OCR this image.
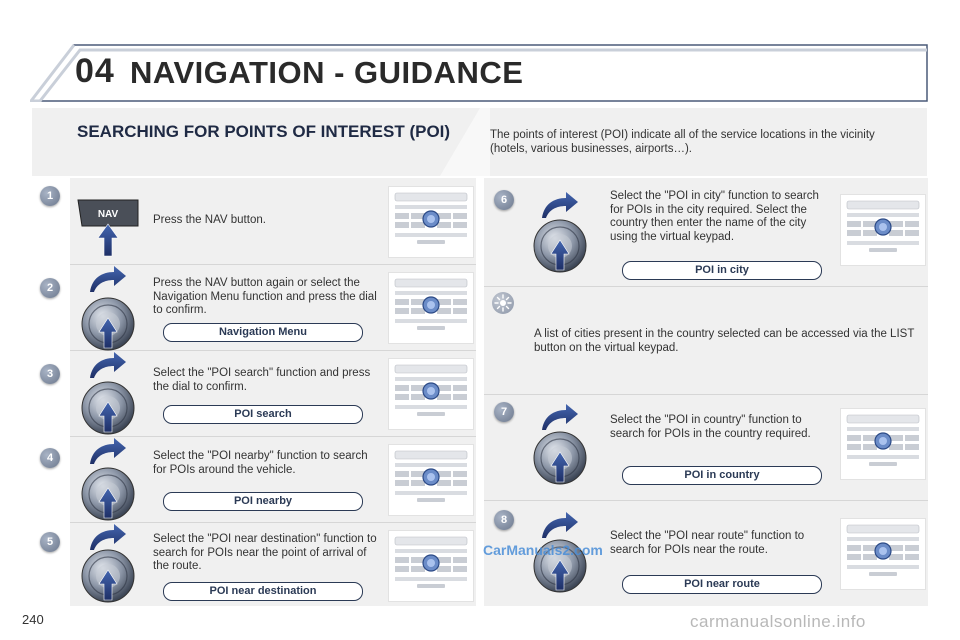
04 NAVIGATION - GUIDANCE
SEARCHING FOR POINTS OF INTEREST (POI)	The points of interest (POI) indicate all of the service locations in the vicinity (hotels, various businesses, airports…).
1
NAV	Press the NAV button.
2	Press the NAV button again or select the Navigation Menu function and press the dial to confirm.
Navigation Menu
3	Select the "POI search" function and press the dial to confirm.
POI search
4	Select the "POI nearby" function to search for POIs around the vehicle.
POI nearby
5	Select the "POI near destination" function to search for POIs near the point of arrival of the route.
POI near destination
6	Select the "POI in city" function to search for POIs in the city required. Select the country then enter the name of the city using the virtual keypad.
POI in city
A list of cities present in the country selected can be accessed via the LIST button on the virtual keypad.
7
Select the "POI in country" function to search for POIs in the country required.
POI in country
8
Select the "POI near route" function to search for POIs near the route.
POI near route
CarManuals2.com
240	carmanualsonline.info
